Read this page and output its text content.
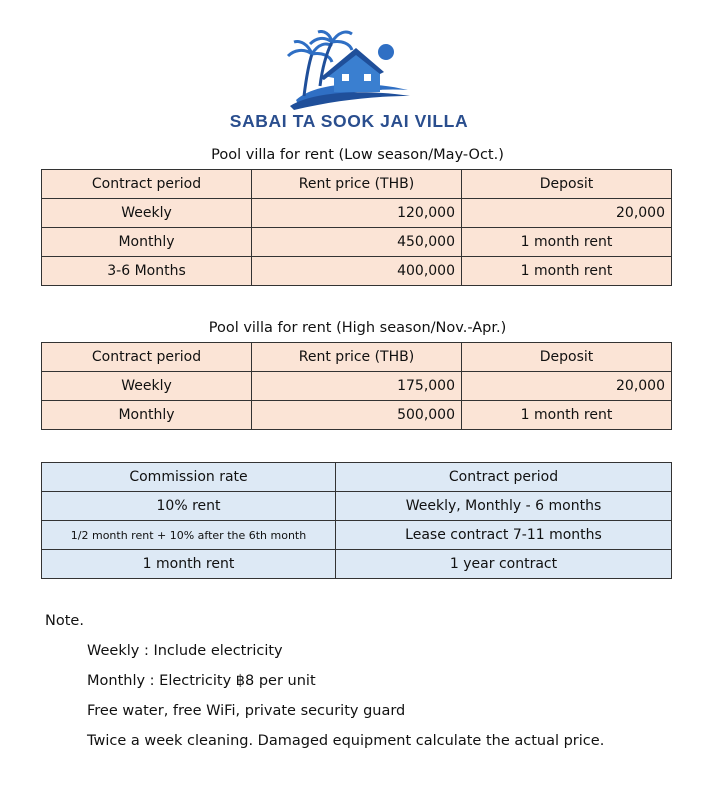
SABAI TA SOOK JAI VILLA
Pool villa for rent (Low season/May-Oct.)
Contract period	Rent price (THB)	Deposit
Weekly	120,000	20,000
Monthly	450,000	1 month rent
3-6 Months	400,000	1 month rent
Pool villa for rent (High season/Nov.-Apr.)
Contract period	Rent price (THB)	Deposit
Weekly	175,000	20,000
Monthly	500,000	1 month rent
Commission rate	Contract period
10% rent	Weekly, Monthly - 6 months
1/2 month rent + 10% after the 6th month	Lease contract 7-11 months
1 month rent	1 year contract
Note.
Weekly : Include electricity
Monthly : Electricity ฿8 per unit
Free water, free WiFi, private security guard
Twice a week cleaning. Damaged equipment calculate the actual price.
